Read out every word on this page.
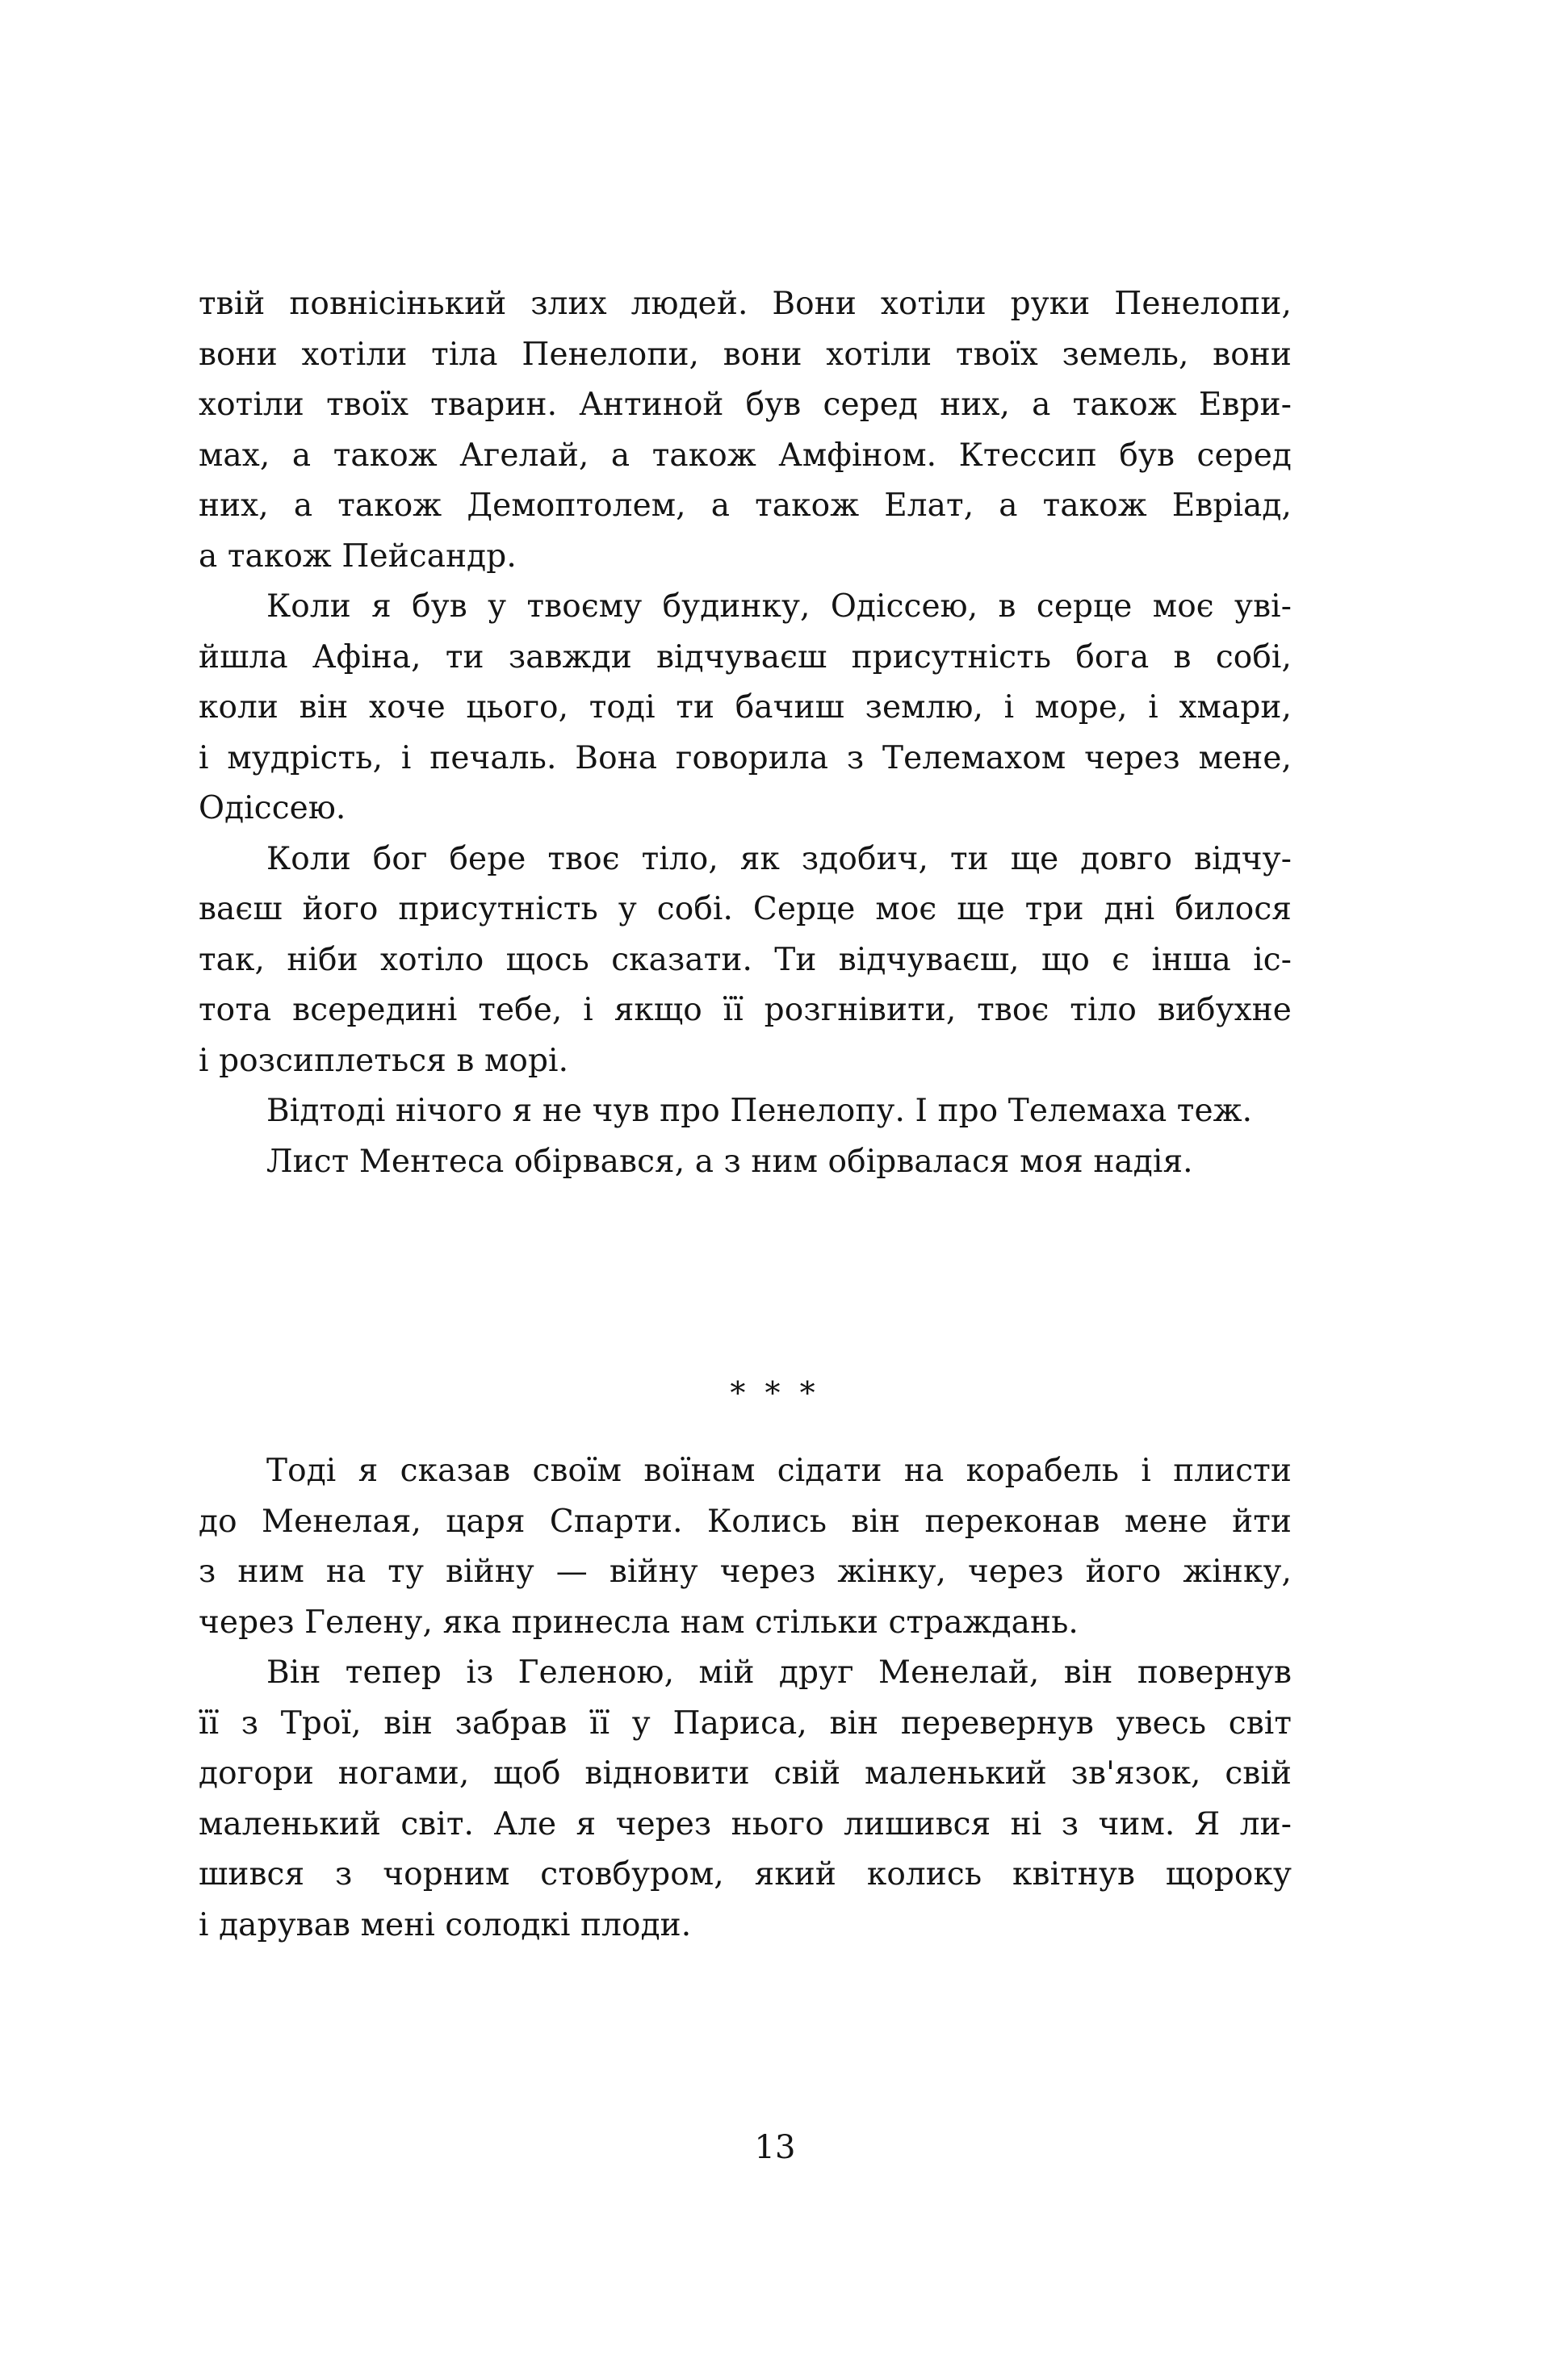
твій повнісінький злих людей. Вони хотіли руки Пенелопи,
вони хотіли тіла Пенелопи, вони хотіли твоїх земель, вони
хотіли твоїх тварин. Антиной був серед них, а також Еври-
мах, а також Агелай, а також Амфіном. Ктессип був серед
них, а також Демоптолем, а також Елат, а також Евріад,
а також Пейсандр.
Коли я був у твоєму будинку, Одіссею, в серце моє уві-
йшла Афіна, ти завжди відчуваєш присутність бога в собі,
коли він хоче цього, тоді ти бачиш землю, і море, і хмари,
і мудрість, і печаль. Вона говорила з Телемахом через мене,
Одіссею.
Коли бог бере твоє тіло, як здобич, ти ще довго відчу-
ваєш його присутність у собі. Серце моє ще три дні билося
так, ніби хотіло щось сказати. Ти відчуваєш, що є інша іс-
тота всередині тебе, і якщо її розгнівити, твоє тіло вибухне
і розсиплеться в морі.
Відтоді нічого я не чув про Пенелопу. І про Телемаха теж.
Лист Ментеса обірвався, а з ним обірвалася моя надія.
* * *
Тоді я сказав своїм воїнам сідати на корабель і плисти
до Менелая, царя Спарти. Колись він переконав мене йти
з ним на ту війну — війну через жінку, через його жінку,
через Гелену, яка принесла нам стільки страждань.
Він тепер із Геленою, мій друг Менелай, він повернув
її з Трої, він забрав її у Париса, він перевернув увесь світ
догори ногами, щоб відновити свій маленький зв'язок, свій
маленький світ. Але я через нього лишився ні з чим. Я ли-
шився з чорним стовбуром, який колись квітнув щороку
і дарував мені солодкі плоди.
13
